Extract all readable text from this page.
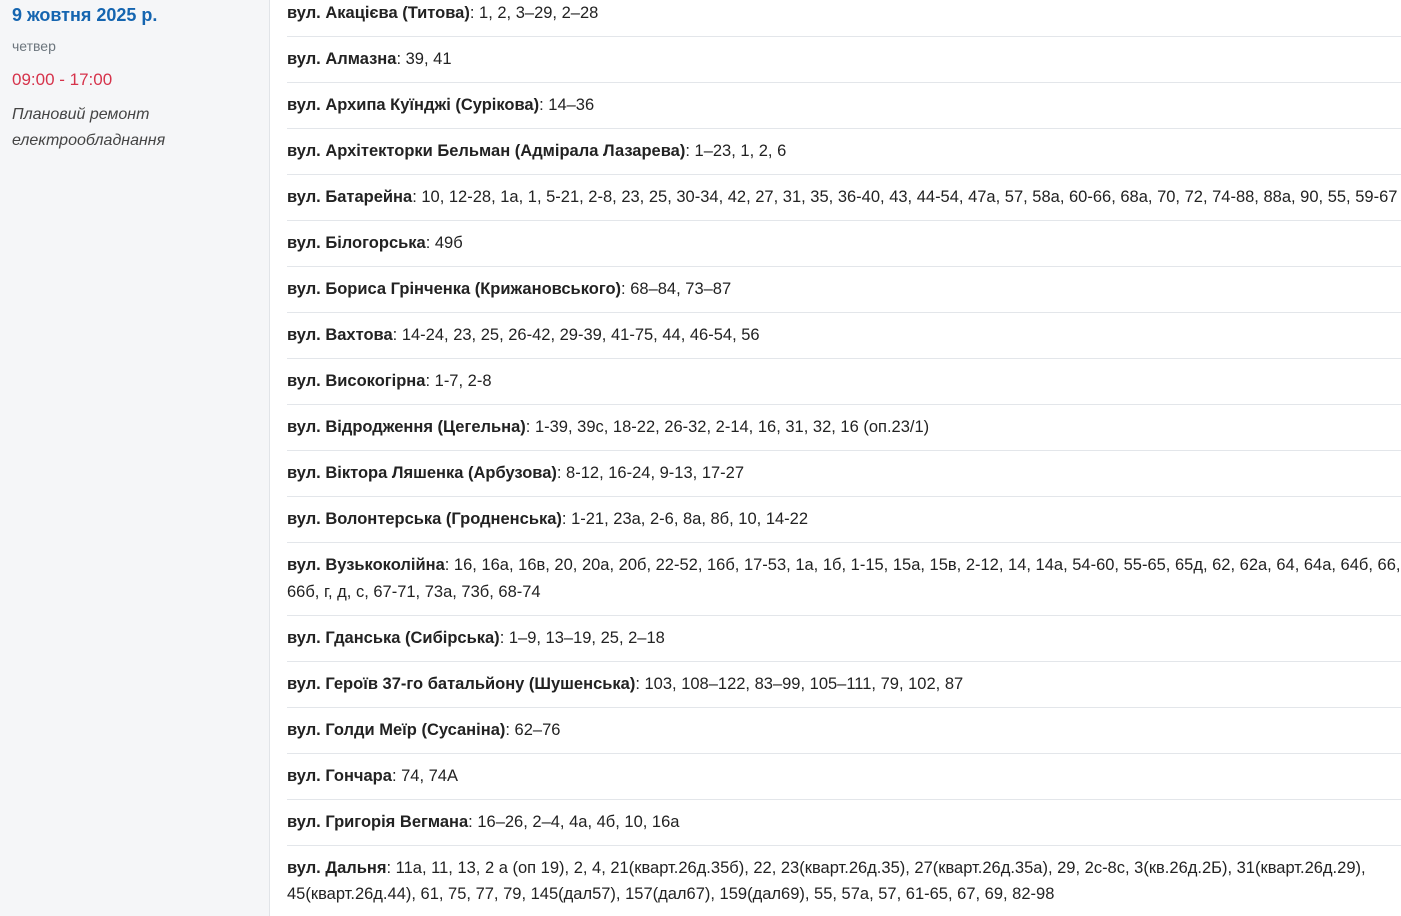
9 жовтня 2025 р.
четвер
09:00 - 17:00
Плановий ремонт електрообладнання
вул. Акацієва (Титова): 1, 2, 3–29, 2–28
вул. Алмазна: 39, 41
вул. Архипа Куїнджі (Сурікова): 14–36
вул. Архітекторки Бельман (Адмірала Лазарева): 1–23, 1, 2, 6
вул. Батарейна: 10, 12-28, 1а, 1, 5-21, 2-8, 23, 25, 30-34, 42, 27, 31, 35, 36-40, 43, 44-54, 47а, 57, 58а, 60-66, 68а, 70, 72, 74-88, 88а, 90, 55, 59-67
вул. Білогорська: 49б
вул. Бориса Грінченка (Крижановського): 68–84, 73–87
вул. Вахтова: 14-24, 23, 25, 26-42, 29-39, 41-75, 44, 46-54, 56
вул. Високогірна: 1-7, 2-8
вул. Відродження (Цегельна): 1-39, 39с, 18-22, 26-32, 2-14, 16, 31, 32, 16 (оп.23/1)
вул. Віктора Ляшенка (Арбузова): 8-12, 16-24, 9-13, 17-27
вул. Волонтерська (Гродненська): 1-21, 23а, 2-6, 8а, 8б, 10, 14-22
вул. Вузькоколійна: 16, 16а, 16в, 20, 20а, 20б, 22-52, 16б, 17-53, 1а, 1б, 1-15, 15а, 15в, 2-12, 14, 14а, 54-60, 55-65, 65д, 62, 62а, 64, 64а, 64б, 66, 66б, г, д, с, 67-71, 73а, 73б, 68-74
вул. Гданська (Сибірська): 1–9, 13–19, 25, 2–18
вул. Героїв 37-го батальйону (Шушенська): 103, 108–122, 83–99, 105–111, 79, 102, 87
вул. Голди Меїр (Сусаніна): 62–76
вул. Гончара: 74, 74А
вул. Григорія Вегмана: 16–26, 2–4, 4а, 4б, 10, 16а
вул. Дальня: 11а, 11, 13, 2 а (оп 19), 2, 4, 21(кварт.26д.35б), 22, 23(кварт.26д.35), 27(кварт.26д.35а), 29, 2с-8с, 3(кв.26д.2Б), 31(кварт.26д.29), 45(кварт.26д.44), 61, 75, 77, 79, 145(дал57), 157(дал67), 159(дал69), 55, 57а, 57, 61-65, 67, 69, 82-98
